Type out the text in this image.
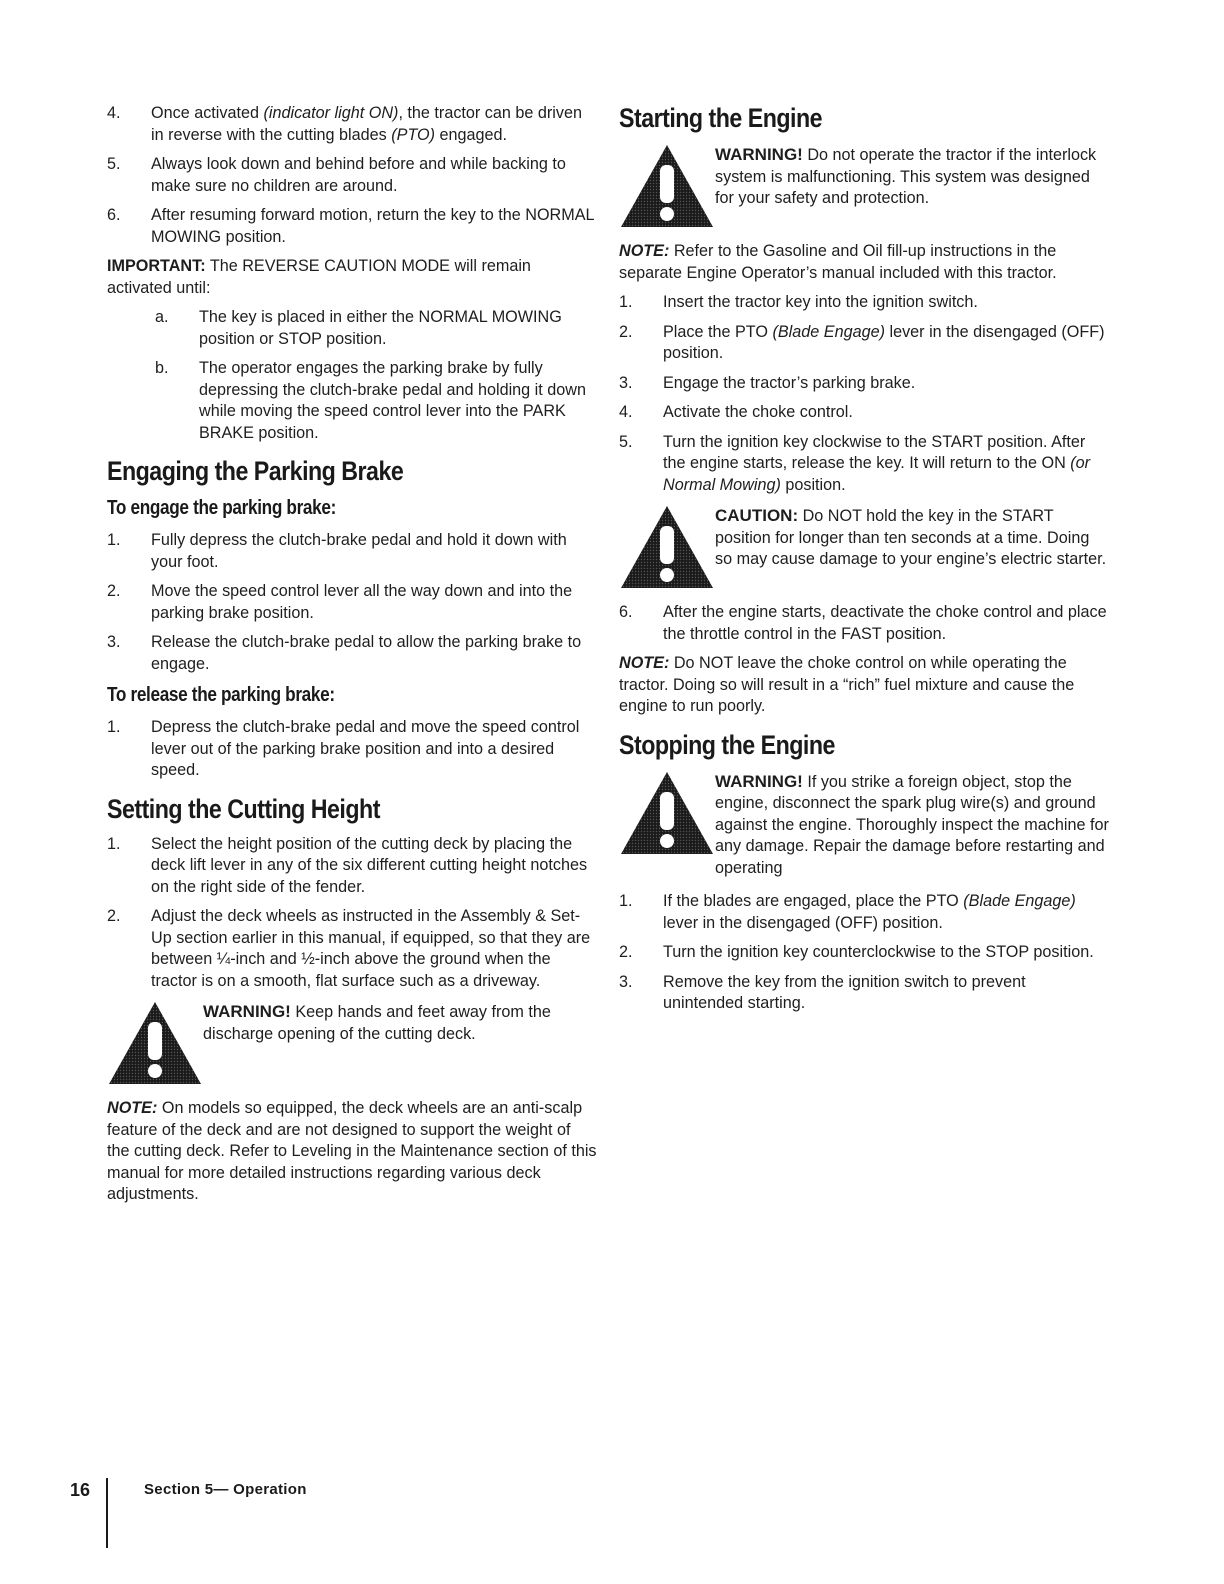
4.	Once activated (indicator light ON), the tractor can be driven in reverse with the cutting blades (PTO) engaged.
5.	Always look down and behind before and while backing to make sure no children are around.
6.	After resuming forward motion, return the key to the NORMAL MOWING position.

IMPORTANT: The REVERSE CAUTION MODE will remain activated until:

a.	The key is placed in either the NORMAL MOWING position or STOP position.
b.	The operator engages the parking brake by fully depressing the clutch-brake pedal and holding it down while moving the speed control lever into the PARK BRAKE position.
Engaging the Parking Brake
To engage the parking brake:
1.	Fully depress the clutch-brake pedal and hold it down with your foot.
2.	Move the speed control lever all the way down and into the parking brake position.
3.	Release the clutch-brake pedal to allow the parking brake to engage.
To release the parking brake:
1.	Depress the clutch-brake pedal and move the speed control lever out of the parking brake position and into a desired speed.
Setting the Cutting Height
1.	Select the height position of the cutting deck by placing the deck lift lever in any of the six different cutting height notches on the right side of the fender.
2.	Adjust the deck wheels as instructed in the Assembly & Set-Up section earlier in this manual, if equipped, so that they are between ¼-inch and ½-inch above the ground when the tractor is on a smooth, flat surface such as a driveway.
WARNING! Keep hands and feet away from the discharge opening of the cutting deck.

NOTE: On models so equipped, the deck wheels are an anti-scalp feature of the deck and are not designed to support the weight of the cutting deck. Refer to Leveling in the Maintenance section of this manual for more detailed instructions regarding various deck adjustments.

Starting the Engine
WARNING! Do not operate the tractor if the interlock system is malfunctioning. This system was designed for your safety and protection.

NOTE: Refer to the Gasoline and Oil fill-up instructions in the separate Engine Operator’s manual included with this tractor.

1.	Insert the tractor key into the ignition switch.
2.	Place the PTO (Blade Engage) lever in the disengaged (OFF) position.
3.	Engage the tractor’s parking brake.
4.	Activate the choke control.
5.	Turn the ignition key clockwise to the START position. After the engine starts, release the key. It will return to the ON (or Normal Mowing) position.
CAUTION: Do NOT hold the key in the START position for longer than ten seconds at a time. Doing so may cause damage to your engine’s electric starter.
6.	After the engine starts, deactivate the choke control and place the throttle control in the FAST position.

NOTE: Do NOT leave the choke control on while operating the tractor. Doing so will result in a “rich” fuel mixture and cause the engine to run poorly.

Stopping the Engine
WARNING! If you strike a foreign object, stop the engine, disconnect the spark plug wire(s) and ground against the engine. Thoroughly inspect the machine for any damage. Repair the damage before restarting and operating
1.	If the blades are engaged, place the PTO (Blade Engage) lever in the disengaged (OFF) position.
2.	Turn the ignition key counterclockwise to the STOP position.
3.	Remove the key from the ignition switch to prevent unintended starting.
16	Section 5— Operation
